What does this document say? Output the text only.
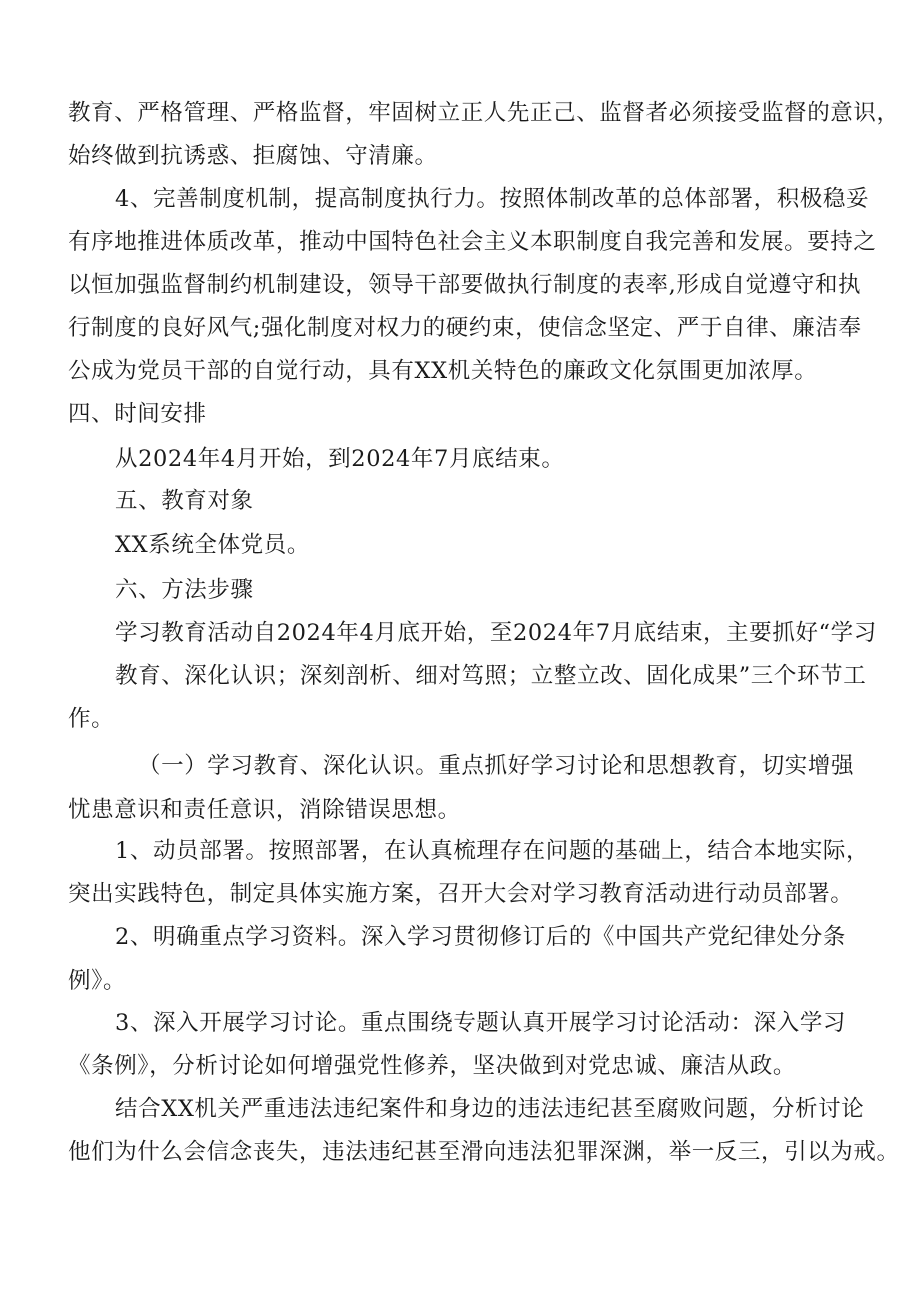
教育、严格管理、严格监督，牢固树立正人先正己、监督者必须接受监督的意识，
始终做到抗诱惑、拒腐蚀、守清廉。
4、完善制度机制，提高制度执行力。按照体制改革的总体部署，积极稳妥
有序地推进体质改革，推动中国特色社会主义本职制度自我完善和发展。要持之
以恒加强监督制约机制建设，领导干部要做执行制度的表率,形成自觉遵守和执
行制度的良好风气;强化制度对权力的硬约束，使信念坚定、严于自律、廉洁奉
公成为党员干部的自觉行动，具有XX机关特色的廉政文化氛围更加浓厚。
四、时间安排
从2024年4月开始，到2024年7月底结束。
五、教育对象
XX系统全体党员。
六、方法步骤
学习教育活动自2024年4月底开始，至2024年7月底结束，主要抓好“学习
教育、深化认识；深刻剖析、细对笃照；立整立改、固化成果”三个环节工
作。
（一）学习教育、深化认识。重点抓好学习讨论和思想教育，切实增强
忧患意识和责任意识，消除错误思想。
1、动员部署。按照部署，在认真梳理存在问题的基础上，结合本地实际，
突出实践特色，制定具体实施方案，召开大会对学习教育活动进行动员部署。
2、明确重点学习资料。深入学习贯彻修订后的《中国共产党纪律处分条
例》。
3、深入开展学习讨论。重点围绕专题认真开展学习讨论活动：深入学习
《条例》，分析讨论如何增强党性修养，坚决做到对党忠诚、廉洁从政。
结合XX机关严重违法违纪案件和身边的违法违纪甚至腐败问题，分析讨论
他们为什么会信念丧失，违法违纪甚至滑向违法犯罪深渊，举一反三，引以为戒。
